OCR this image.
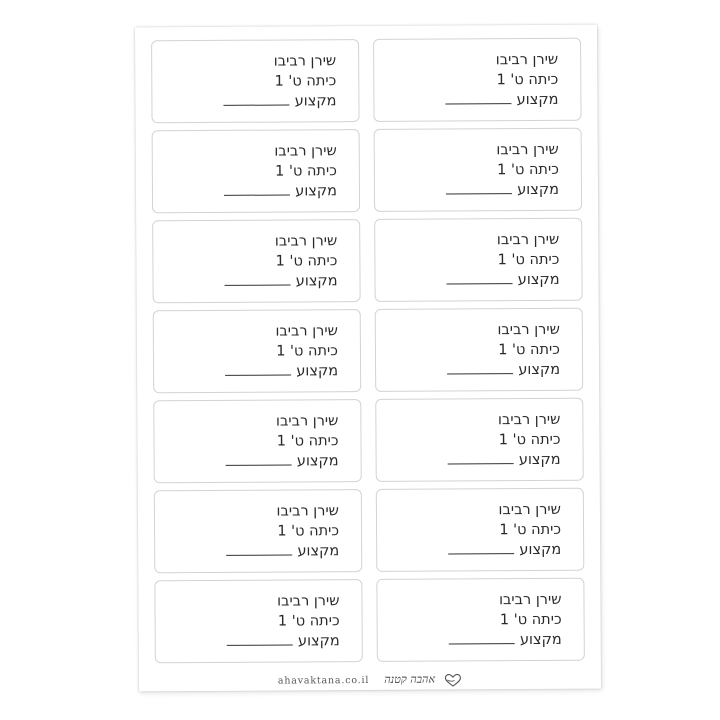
שירן רביבו
כיתה ט' 1
מקצוע
שירן רביבו
כיתה ט' 1
מקצוע
שירן רביבו
כיתה ט' 1
מקצוע
שירן רביבו
כיתה ט' 1
מקצוע
שירן רביבו
כיתה ט' 1
מקצוע
שירן רביבו
כיתה ט' 1
מקצוע
שירן רביבו
כיתה ט' 1
מקצוע
שירן רביבו
כיתה ט' 1
מקצוע
שירן רביבו
כיתה ט' 1
מקצוע
שירן רביבו
כיתה ט' 1
מקצוע
שירן רביבו
כיתה ט' 1
מקצוע
שירן רביבו
כיתה ט' 1
מקצוע
שירן רביבו
כיתה ט' 1
מקצוע
שירן רביבו
כיתה ט' 1
מקצוע
ahavaktana.co.il אהבה קטנה
